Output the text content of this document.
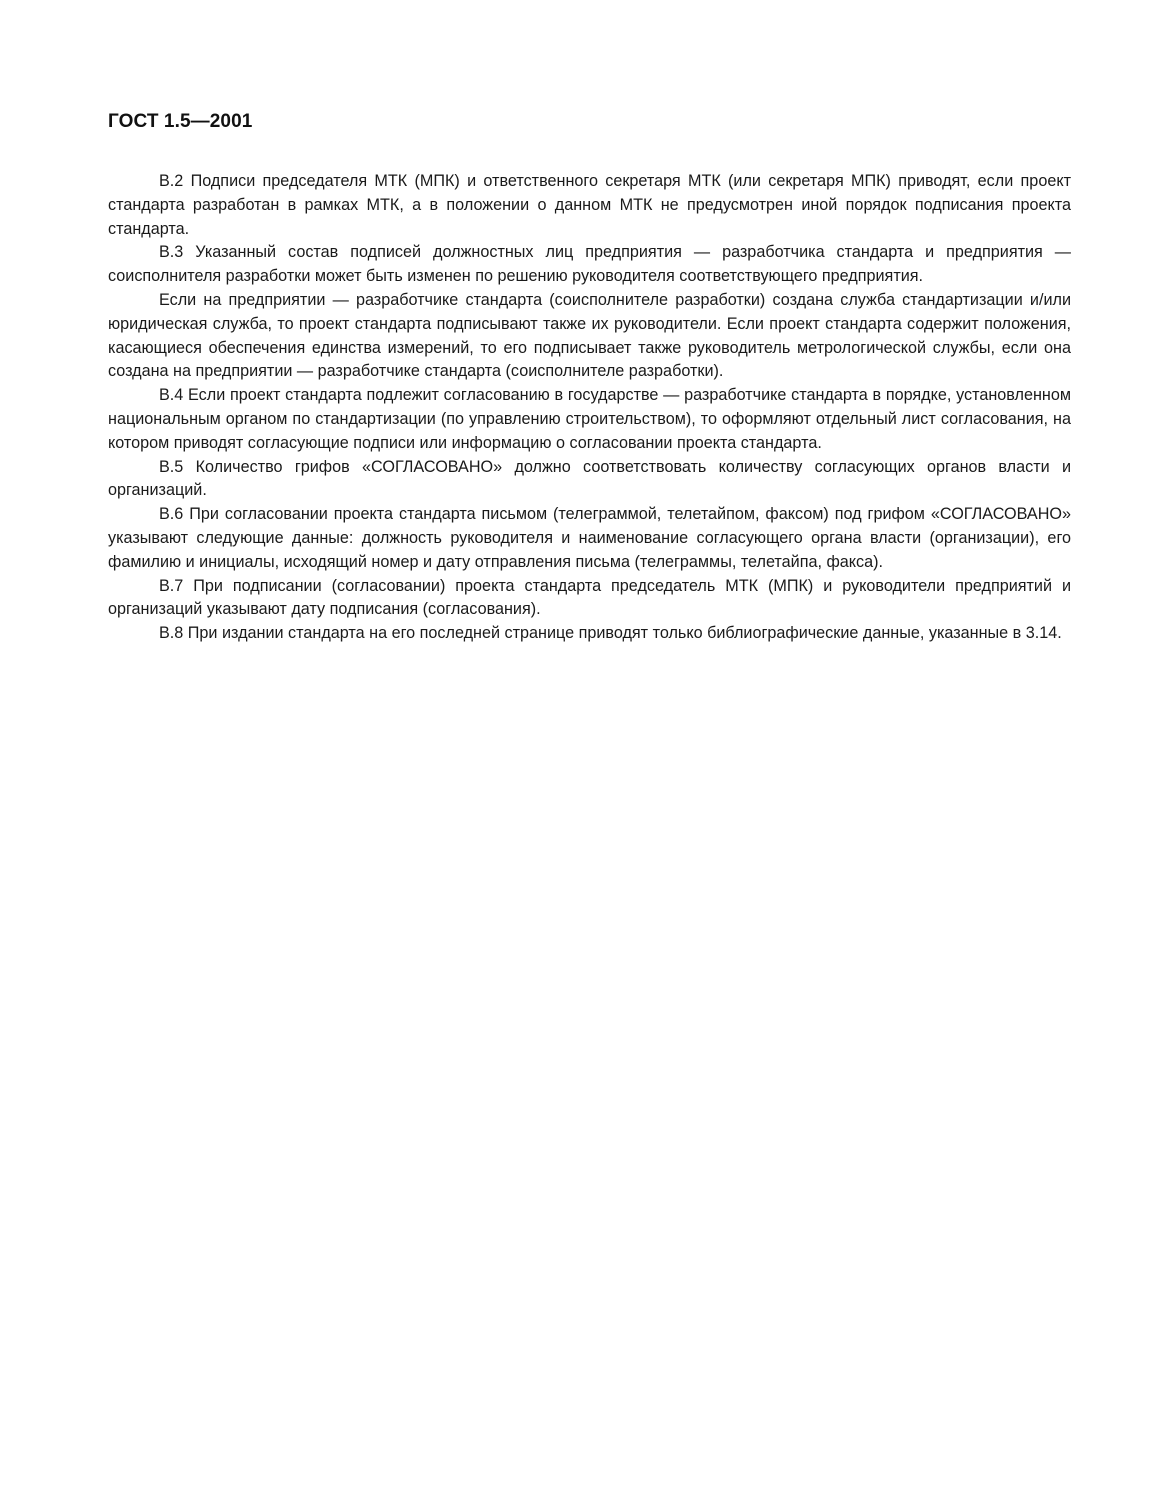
ГОСТ 1.5—2001

В.2 Подписи председателя МТК (МПК) и ответственного секретаря МТК (или секретаря МПК) приводят, если проект стандарта разработан в рамках МТК, а в положении о данном МТК не предусмотрен иной порядок подписания проекта стандарта.

В.3 Указанный состав подписей должностных лиц предприятия — разработчика стандарта и предприятия — соисполнителя разработки может быть изменен по решению руководителя соответствующего предприятия.

Если на предприятии — разработчике стандарта (соисполнителе разработки) создана служба стандартизации и/или юридическая служба, то проект стандарта подписывают также их руководители. Если проект стандарта содержит положения, касающиеся обеспечения единства измерений, то его подписывает также руководитель метрологической службы, если она создана на предприятии — разработчике стандарта (соисполнителе разработки).

В.4 Если проект стандарта подлежит согласованию в государстве — разработчике стандарта в порядке, установленном национальным органом по стандартизации (по управлению строительством), то оформляют отдельный лист согласования, на котором приводят согласующие подписи или информацию о согласовании проекта стандарта.

В.5 Количество грифов «СОГЛАСОВАНО» должно соответствовать количеству согласующих органов власти и организаций.

В.6 При согласовании проекта стандарта письмом (телеграммой, телетайпом, факсом) под грифом «СОГЛАСОВАНО» указывают следующие данные: должность руководителя и наименование согласующего органа власти (организации), его фамилию и инициалы, исходящий номер и дату отправления письма (телеграммы, телетайпа, факса).

В.7 При подписании (согласовании) проекта стандарта председатель МТК (МПК) и руководители предприятий и организаций указывают дату подписания (согласования).

В.8 При издании стандарта на его последней странице приводят только библиографические данные, указанные в 3.14.
